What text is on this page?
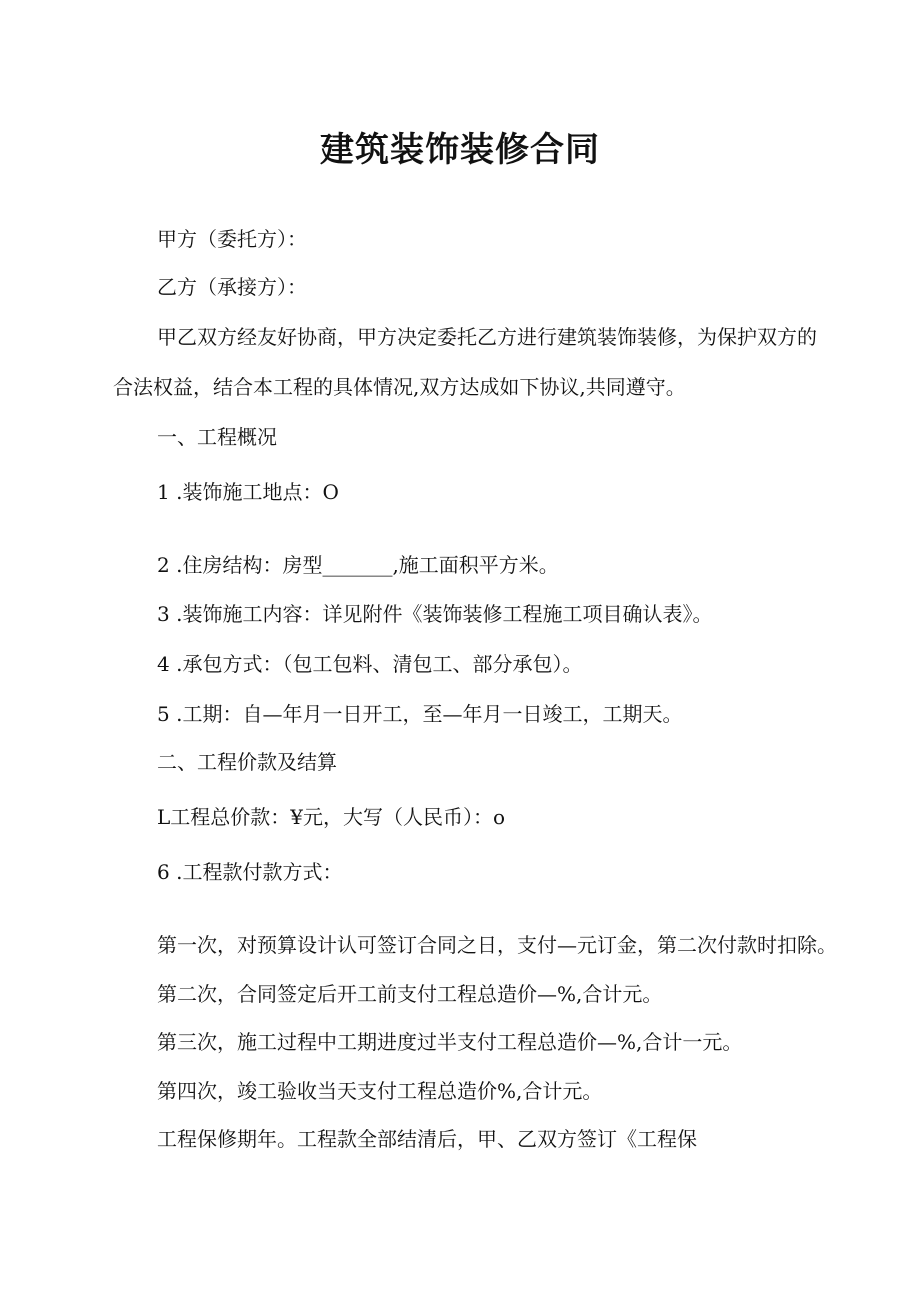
建筑装饰装修合同
甲方（委托方）：
乙方（承接方）：
甲乙双方经友好协商，甲方决定委托乙方进行建筑装饰装修，为保护双方的
合法权益，结合本工程的具体情况,双方达成如下协议,共同遵守。
一、工程概况
1 .装饰施工地点：O
2 .住房结构：房型_______,施工面积平方米。
3 .装饰施工内容：详见附件《装饰装修工程施工项目确认表》。
4 .承包方式：（包工包料、清包工、部分承包）。
5 .工期：自—年月一日开工，至—年月一日竣工，工期天。
二、工程价款及结算
L工程总价款：¥元，大写（人民币）：o
6 .工程款付款方式：
第一次，对预算设计认可签订合同之日，支付—元订金，第二次付款时扣除。
第二次，合同签定后开工前支付工程总造价—%,合计元。
第三次，施工过程中工期进度过半支付工程总造价—%,合计一元。
第四次，竣工验收当天支付工程总造价%,合计元。
工程保修期年。工程款全部结清后，甲、乙双方签订《工程保
